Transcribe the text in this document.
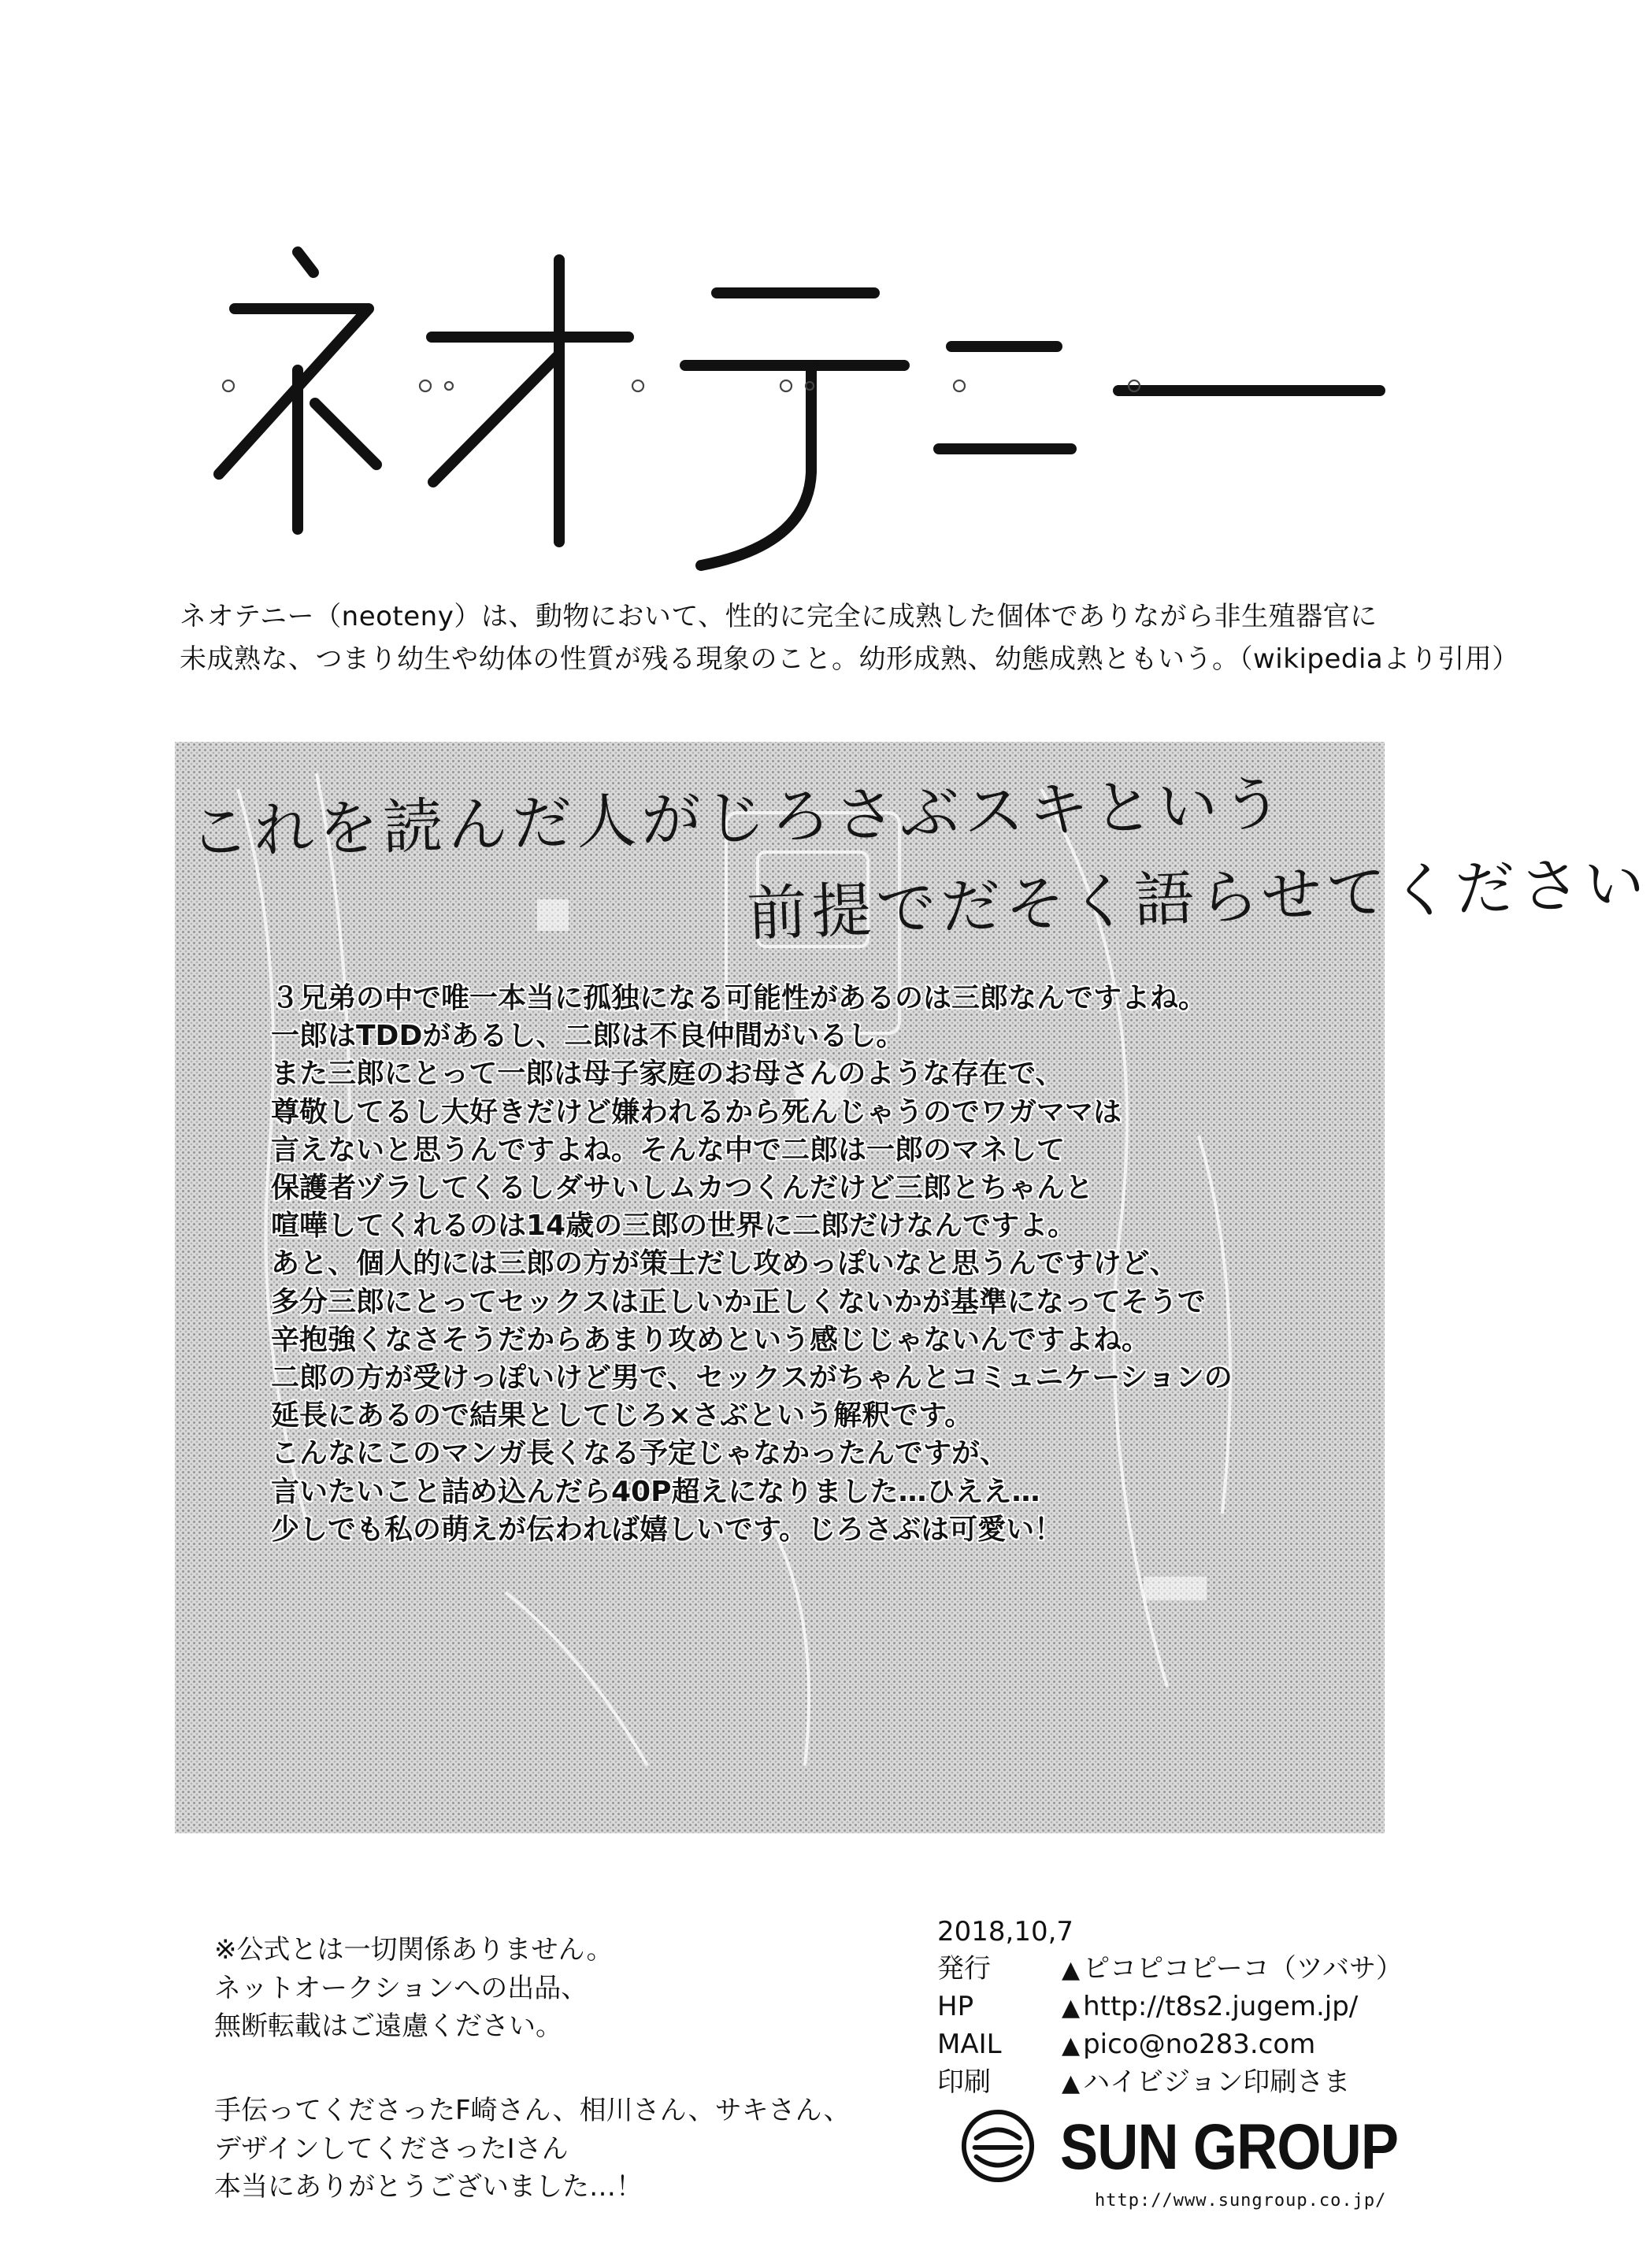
ネオテニー（neoteny）は、動物において、性的に完全に成熟した個体でありながら非生殖器官に

未成熟な、つまり幼生や幼体の性質が残る現象のこと。幼形成熟、幼態成熟ともいう。（wikipediaより引用）

これを読んだ人がじろさぶスキという
前提でだそく語らせてください

３兄弟の中で唯一本当に孤独になる可能性があるのは三郎なんですよね。

一郎はTDDがあるし、二郎は不良仲間がいるし。

また三郎にとって一郎は母子家庭のお母さんのような存在で、

尊敬してるし大好きだけど嫌われるから死んじゃうのでワガママは

言えないと思うんですよね。そんな中で二郎は一郎のマネして

保護者ヅラしてくるしダサいしムカつくんだけど三郎とちゃんと

喧嘩してくれるのは14歳の三郎の世界に二郎だけなんですよ。

あと、個人的には三郎の方が策士だし攻めっぽいなと思うんですけど、

多分三郎にとってセックスは正しいか正しくないかが基準になってそうで

辛抱強くなさそうだからあまり攻めという感じじゃないんですよね。

二郎の方が受けっぽいけど男で、セックスがちゃんとコミュニケーションの

延長にあるので結果としてじろ×さぶという解釈です。

こんなにこのマンガ長くなる予定じゃなかったんですが、

言いたいこと詰め込んだら40P超えになりました…ひええ…

少しでも私の萌えが伝われば嬉しいです。じろさぶは可愛い！

※公式とは一切関係ありません。

ネットオークションへの出品、

無断転載はご遠慮ください。

手伝ってくださったF崎さん、相川さん、サキさん、

デザインしてくださったIさん

本当にありがとうございました…！

2018,10,7
発行	▲ ピコピコピーコ（ツバサ）
HP	▲ http://t8s2.jugem.jp/
MAIL	▲ pico@no283.com
印刷	▲ ハイビジョン印刷さま
SUN GROUP
http://www.sungroup.co.jp/
